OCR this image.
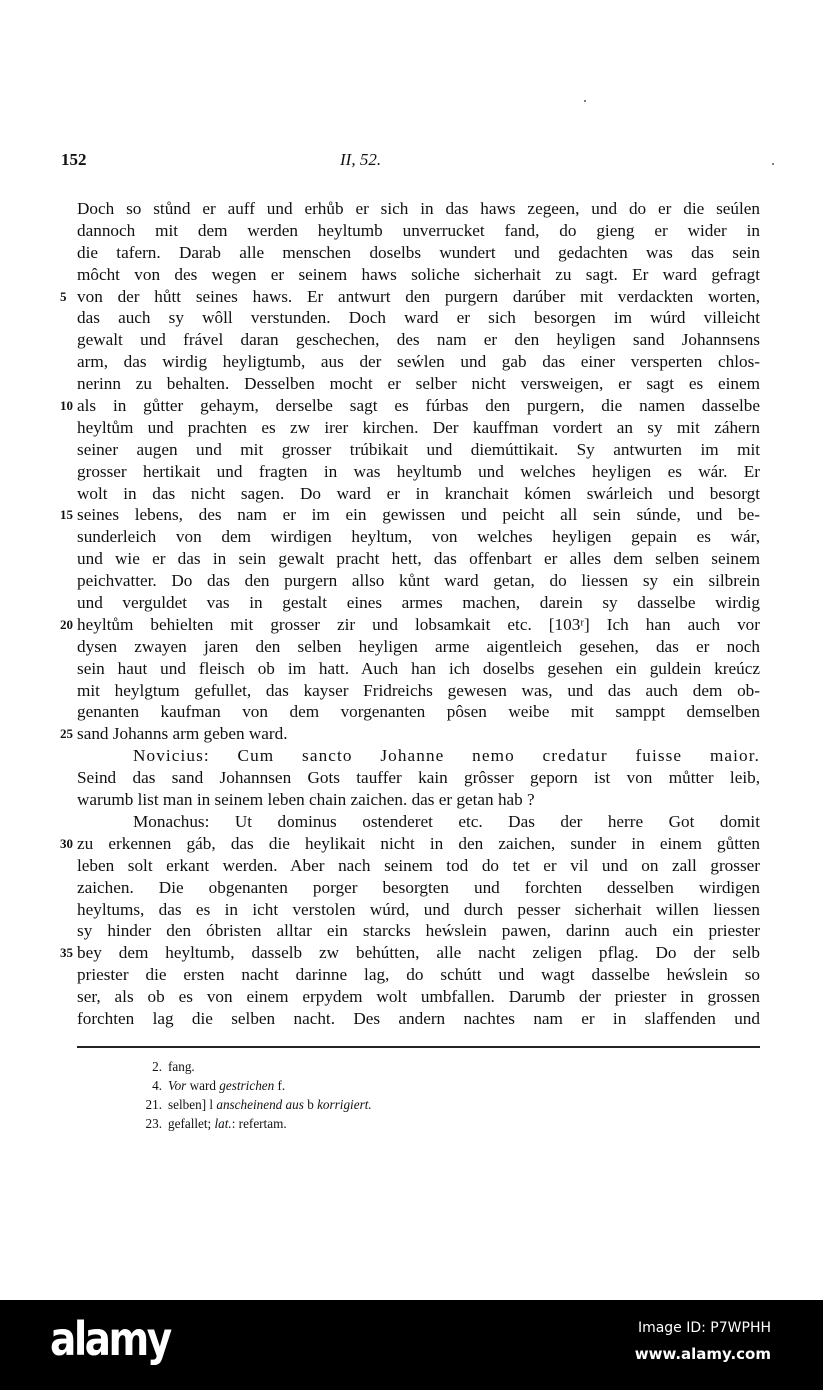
152	II, 52.
Doch so stůnd er auff und erhůb er sich in das haws zegeen, und do er die seúlen
dannoch mit dem werden heyltumb unverrucket fand, do gieng er wider in
die tafern. Darab alle menschen doselbs wundert und gedachten was das sein
môcht von des wegen er seinem haws soliche sicherhait zu sagt. Er ward gefragt
5 von der hůtt seines haws. Er antwurt den purgern darúber mit verdackten worten,
das auch sy wôll verstunden. Doch ward er sich besorgen im wúrd villeicht
gewalt und frável daran geschechen, des nam er den heyligen sand Johannsens
arm, das wirdig heyligtumb, aus der seẃlen und gab das einer versperten chlos-
nerinn zu behalten. Desselben mocht er selber nicht versweigen, er sagt es einem
10 als in gůtter gehaym, derselbe sagt es fúrbas den purgern, die namen dasselbe
heyltům und prachten es zw irer kirchen. Der kauffman vordert an sy mit záhern
seiner augen und mit grosser trúbikait und diemúttikait. Sy antwurten im mit
grosser hertikait und fragten in was heyltumb und welches heyligen es wár. Er
wolt in das nicht sagen. Do ward er in kranchait kómen swárleich und besorgt
15 seines lebens, des nam er im ein gewissen und peicht all sein súnde, und be-
sunderleich von dem wirdigen heyltum, von welches heyligen gepain es wár,
und wie er das in sein gewalt pracht hett, das offenbart er alles dem selben seinem
peichvatter. Do das den purgern allso kůnt ward getan, do liessen sy ein silbrein
und verguldet vas in gestalt eines armes machen, darein sy dasselbe wirdig
20 heyltům behielten mit grosser zir und lobsamkait etc. [103ʳ] Ich han auch vor
dysen zwayen jaren den selben heyligen arme aigentleich gesehen, das er noch
sein haut und fleisch ob im hatt. Auch han ich doselbs gesehen ein guldein kreúcz
mit heylgtum gefullet, das kayser Fridreichs gewesen was, und das auch dem ob-
genanten kaufman von dem vorgenanten pôsen weibe mit samppt demselben
25 sand Johanns arm geben ward.
Novicius: Cum sancto Johanne nemo credatur fuisse maior.
Seind das sand Johannsen Gots tauffer kain grôsser geporn ist von můtter leib,
warumb list man in seinem leben chain zaichen. das er getan hab ?
Monachus: Ut dominus ostenderet etc. Das der herre Got domit
30 zu erkennen gáb, das die heylikait nicht in den zaichen, sunder in einem gůtten
leben solt erkant werden. Aber nach seinem tod do tet er vil und on zall grosser
zaichen. Die obgenanten porger besorgten und forchten desselben wirdigen
heyltums, das es in icht verstolen wúrd, und durch pesser sicherhait willen liessen
sy hinder den óbristen alltar ein starcks heẃslein pawen, darinn auch ein priester
35 bey dem heyltumb, dasselb zw behútten, alle nacht zeligen pflag. Do der selb
priester die ersten nacht darinne lag, do schútt und wagt dasselbe heẃslein so
ser, als ob es von einem erpydem wolt umbfallen. Darumb der priester in grossen
forchten lag die selben nacht. Des andern nachtes nam er in slaffenden und
2. fang.
4. Vor ward gestrichen f.
21. selben] l anscheinend aus b korrigiert.
23. gefallet; lat.: refertam.
alamy	Image ID: P7WPHH
www.alamy.com
